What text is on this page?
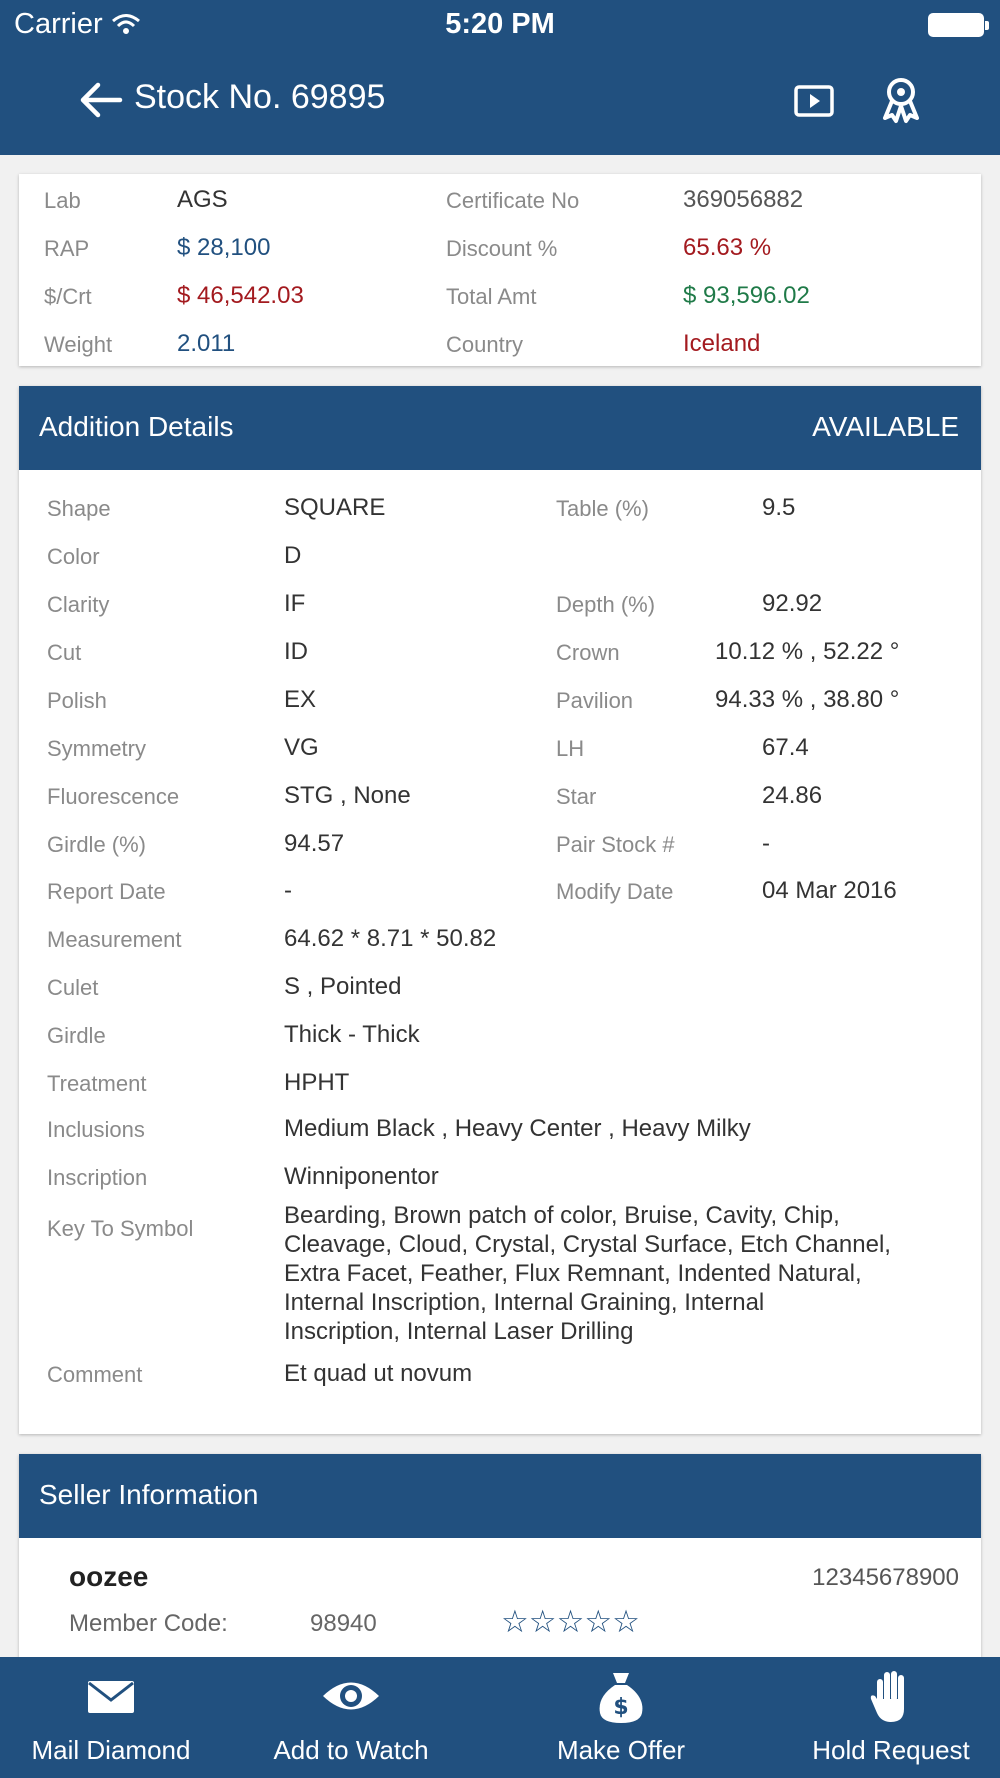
Carrier	5:20 PM
Stock No. 69895
Lab	AGS	Certificate No	369056882
RAP	$ 28,100	Discount %	65.63 %
$/Crt	$ 46,542.03	Total Amt	$ 93,596.02
Weight	2.011	Country	Iceland
Addition Details	AVAILABLE
Shape	SQUARE	Table (%)	9.5
Color	D
Clarity	IF	Depth (%)	92.92
Cut	ID	Crown	10.12 % , 52.22 °
Polish	EX	Pavilion	94.33 % , 38.80 °
Symmetry	VG	LH	67.4
Fluorescence	STG , None	Star	24.86
Girdle (%)	94.57	Pair Stock #	-
Report Date	-	Modify Date	04 Mar 2016
Measurement	64.62 * 8.71 * 50.82
Culet	S , Pointed
Girdle	Thick - Thick
Treatment	HPHT
Inclusions	Medium Black , Heavy Center , Heavy Milky
Inscription	Winniponentor
Key To Symbol	Bearding, Brown patch of color, Bruise, Cavity, Chip,
Cleavage, Cloud, Crystal, Crystal Surface, Etch Channel,
Extra Facet, Feather, Flux Remnant, Indented Natural,
Internal Inscription, Internal Graining, Internal
Inscription, Internal Laser Drilling
Comment	Et quad ut novum
Seller Information
oozee	12345678900
Member Code:	98940	☆☆☆☆☆
Mail Diamond	Add to Watch
$
Make Offer	Hold Request
